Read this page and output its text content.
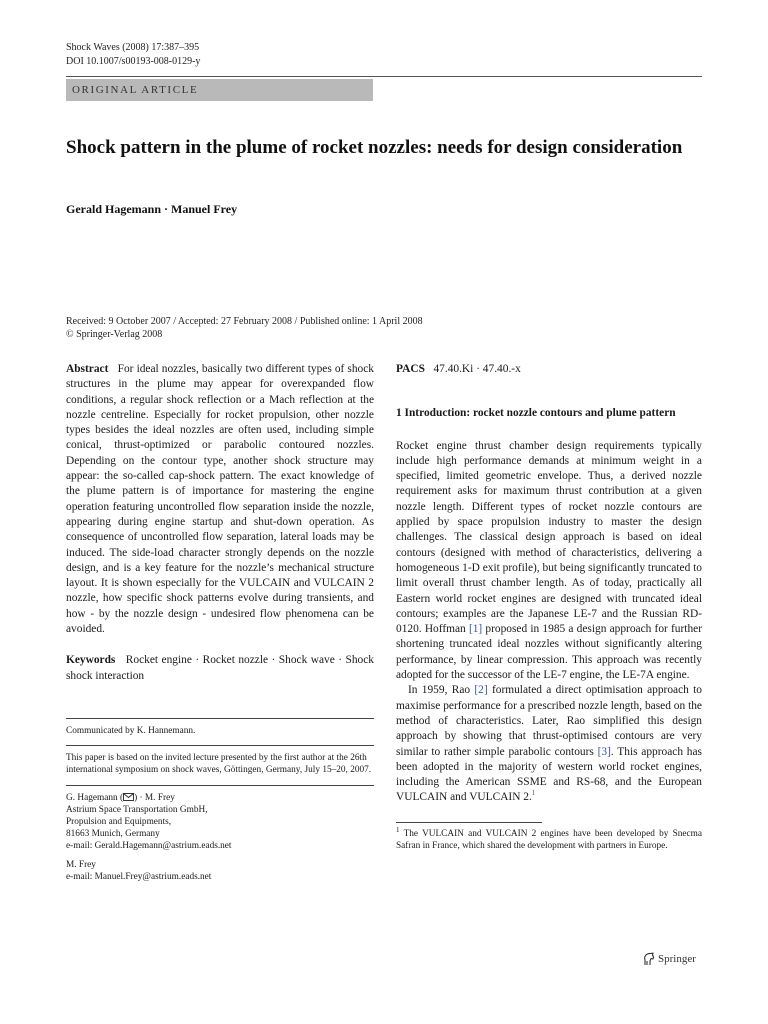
Shock Waves (2008) 17:387–395
DOI 10.1007/s00193-008-0129-y
ORIGINAL ARTICLE
Shock pattern in the plume of rocket nozzles: needs for design consideration
Gerald Hagemann · Manuel Frey
Received: 9 October 2007 / Accepted: 27 February 2008 / Published online: 1 April 2008
© Springer-Verlag 2008

Abstract For ideal nozzles, basically two different types of shock structures in the plume may appear for overexpanded flow conditions, a regular shock reflection or a Mach reflection at the nozzle centreline. Especially for rocket propulsion, other nozzle types besides the ideal nozzles are often used, including simple conical, thrust-optimized or parabolic contoured nozzles. Depending on the contour type, another shock structure may appear: the so-called cap-shock pattern. The exact knowledge of the plume pattern is of importance for mastering the engine operation featuring uncontrolled flow separation inside the nozzle, appearing during engine startup and shut-down operation. As consequence of uncontrolled flow separation, lateral loads may be induced. The side-load character strongly depends on the nozzle design, and is a key feature for the nozzle’s mechanical structure layout. It is shown especially for the VULCAIN and VULCAIN 2 nozzle, how specific shock patterns evolve during transients, and how - by the nozzle design - undesired flow phenomena can be avoided.

Keywords Rocket engine · Rocket nozzle · Shock wave · Shock shock interaction

Communicated by K. Hannemann.
This paper is based on the invited lecture presented by the first author at the 26th international symposium on shock waves, Göttingen, Germany, July 15–20, 2007.
G. Hagemann ( ) · M. Frey
Astrium Space Transportation GmbH,
Propulsion and Equipments,
81663 Munich, Germany
e-mail: Gerald.Hagemann@astrium.eads.net
M. Frey
e-mail: Manuel.Frey@astrium.eads.net

PACS 47.40.Ki · 47.40.-x

1 Introduction: rocket nozzle contours and plume pattern

Rocket engine thrust chamber design requirements typically include high performance demands at minimum weight in a specified, limited geometric envelope. Thus, a derived nozzle requirement asks for maximum thrust contribution at a given nozzle length. Different types of rocket nozzle contours are applied by space propulsion industry to master the design challenges. The classical design approach is based on ideal contours (designed with method of characteristics, delivering a homogeneous 1-D exit profile), but being significantly truncated to limit overall thrust chamber length. As of today, practically all Eastern world rocket engines are designed with truncated ideal contours; examples are the Japanese LE-7 and the Russian RD-0120. Hoffman [1] proposed in 1985 a design approach for further shortening truncated ideal nozzles without significantly altering performance, by linear compression. This approach was recently adopted for the successor of the LE-7 engine, the LE-7A engine.

In 1959, Rao [2] formulated a direct optimisation approach to maximise performance for a prescribed nozzle length, based on the method of characteristics. Later, Rao simplified this design approach by showing that thrust-optimised contours are very similar to rather simple parabolic contours [3]. This approach has been adopted in the majority of western world rocket engines, including the American SSME and RS-68, and the European VULCAIN and VULCAIN 2.$^1$

$^1$ The VULCAIN and VULCAIN 2 engines have been developed by Snecma Safran in France, which shared the development with partners in Europe.
Springer
